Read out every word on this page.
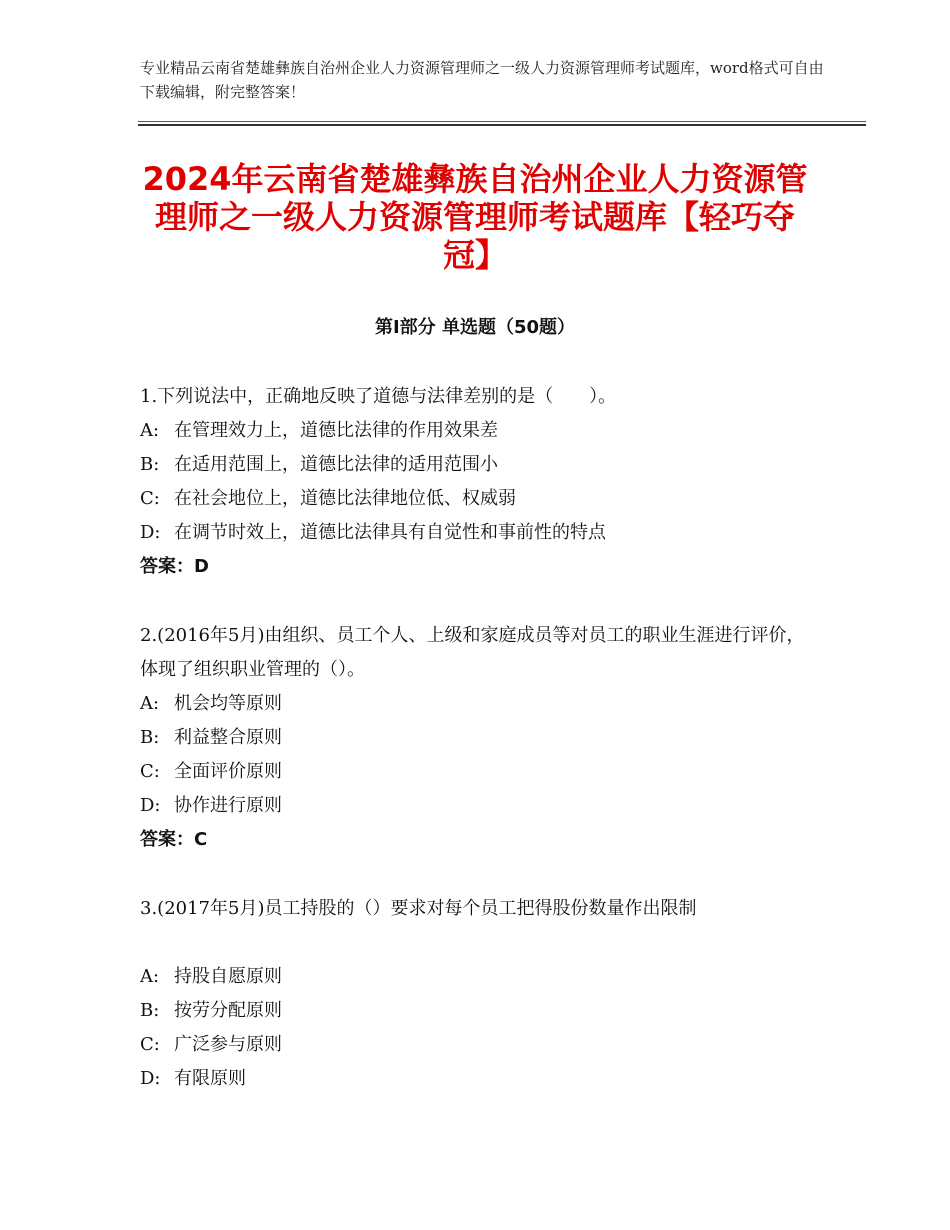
专业精品云南省楚雄彝族自治州企业人力资源管理师之一级人力资源管理师考试题库，word格式可自由下载编辑，附完整答案！
2024年云南省楚雄彝族自治州企业人力资源管理师之一级人力资源管理师考试题库【轻巧夺冠】
第Ⅰ部分 单选题（50题）
1.下列说法中，正确地反映了道德与法律差别的是（　　）。
A: 在管理效力上，道德比法律的作用效果差
B: 在适用范围上，道德比法律的适用范围小
C: 在社会地位上，道德比法律地位低、权威弱
D: 在调节时效上，道德比法律具有自觉性和事前性的特点
答案：D
2.(2016年5月)由组织、员工个人、上级和家庭成员等对员工的职业生涯进行评价，体现了组织职业管理的（）。
A: 机会均等原则
B: 利益整合原则
C: 全面评价原则
D: 协作进行原则
答案：C
3.(2017年5月)员工持股的（）要求对每个员工把得股份数量作出限制
A: 持股自愿原则
B: 按劳分配原则
C: 广泛参与原则
D: 有限原则
